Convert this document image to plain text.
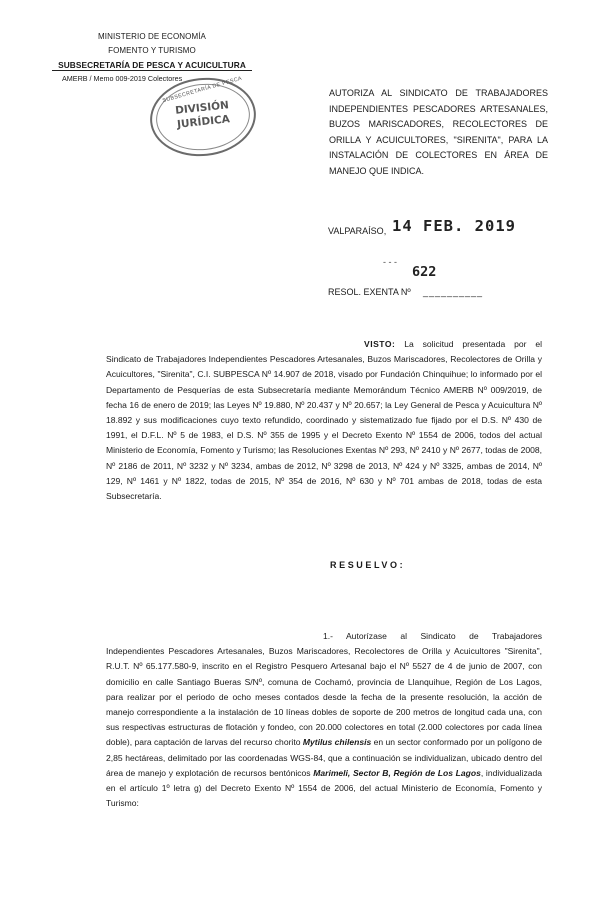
MINISTERIO DE ECONOMÍA
FOMENTO Y TURISMO
SUBSECRETARÍA DE PESCA Y ACUICULTURA
AMERB / Memo 009-2019 Colectores
SUBSECRETARÍA DE PESCA
DIVISIÓN
JURÍDICA
AUTORIZA AL SINDICATO DE TRABAJADORES INDEPENDIENTES PESCADORES ARTESANALES, BUZOS MARISCADORES, RECOLECTORES DE ORILLA Y ACUICULTORES, "SIRENITA", PARA LA INSTALACIÓN DE COLECTORES EN ÁREA DE MANEJO QUE INDICA.
VALPARAÍSO, 14 FEB. 2019
- - -
622
RESOL. EXENTA Nº __________
VISTO: La solicitud presentada por el Sindicato de Trabajadores Independientes Pescadores Artesanales, Buzos Mariscadores, Recolectores de Orilla y Acuicultores, "Sirenita", C.I. SUBPESCA Nº 14.907 de 2018, visado por Fundación Chinquihue; lo informado por el Departamento de Pesquerías de esta Subsecretaría mediante Memorándum Técnico AMERB Nº 009/2019, de fecha 16 de enero de 2019; las Leyes Nº 19.880, Nº 20.437 y Nº 20.657; la Ley General de Pesca y Acuicultura Nº 18.892 y sus modificaciones cuyo texto refundido, coordinado y sistematizado fue fijado por el D.S. Nº 430 de 1991, el D.F.L. Nº 5 de 1983, el D.S. Nº 355 de 1995 y el Decreto Exento Nº 1554 de 2006, todos del actual Ministerio de Economía, Fomento y Turismo; las Resoluciones Exentas Nº 293, Nº 2410 y Nº 2677, todas de 2008, Nº 2186 de 2011, Nº 3232 y Nº 3234, ambas de 2012, Nº 3298 de 2013, Nº 424 y Nº 3325, ambas de 2014, Nº 129, Nº 1461 y Nº 1822, todas de 2015, Nº 354 de 2016, Nº 630 y Nº 701 ambas de 2018, todas de esta Subsecretaría.
RESUELVO:
1.- Autorízase al Sindicato de Trabajadores Independientes Pescadores Artesanales, Buzos Mariscadores, Recolectores de Orilla y Acuicultores "Sirenita", R.U.T. Nº 65.177.580-9, inscrito en el Registro Pesquero Artesanal bajo el Nº 5527 de 4 de junio de 2007, con domicilio en calle Santiago Bueras S/Nº, comuna de Cochamó, provincia de Llanquihue, Región de Los Lagos, para realizar por el periodo de ocho meses contados desde la fecha de la presente resolución, la acción de manejo correspondiente a la instalación de 10 líneas dobles de soporte de 200 metros de longitud cada una, con sus respectivas estructuras de flotación y fondeo, con 20.000 colectores en total (2.000 colectores por cada línea doble), para captación de larvas del recurso chorito Mytilus chilensis en un sector conformado por un polígono de 2,85 hectáreas, delimitado por las coordenadas WGS-84, que a continuación se individualizan, ubicado dentro del área de manejo y explotación de recursos bentónicos Marimeli, Sector B, Región de Los Lagos, individualizada en el artículo 1º letra g) del Decreto Exento Nº 1554 de 2006, del actual Ministerio de Economía, Fomento y Turismo:
